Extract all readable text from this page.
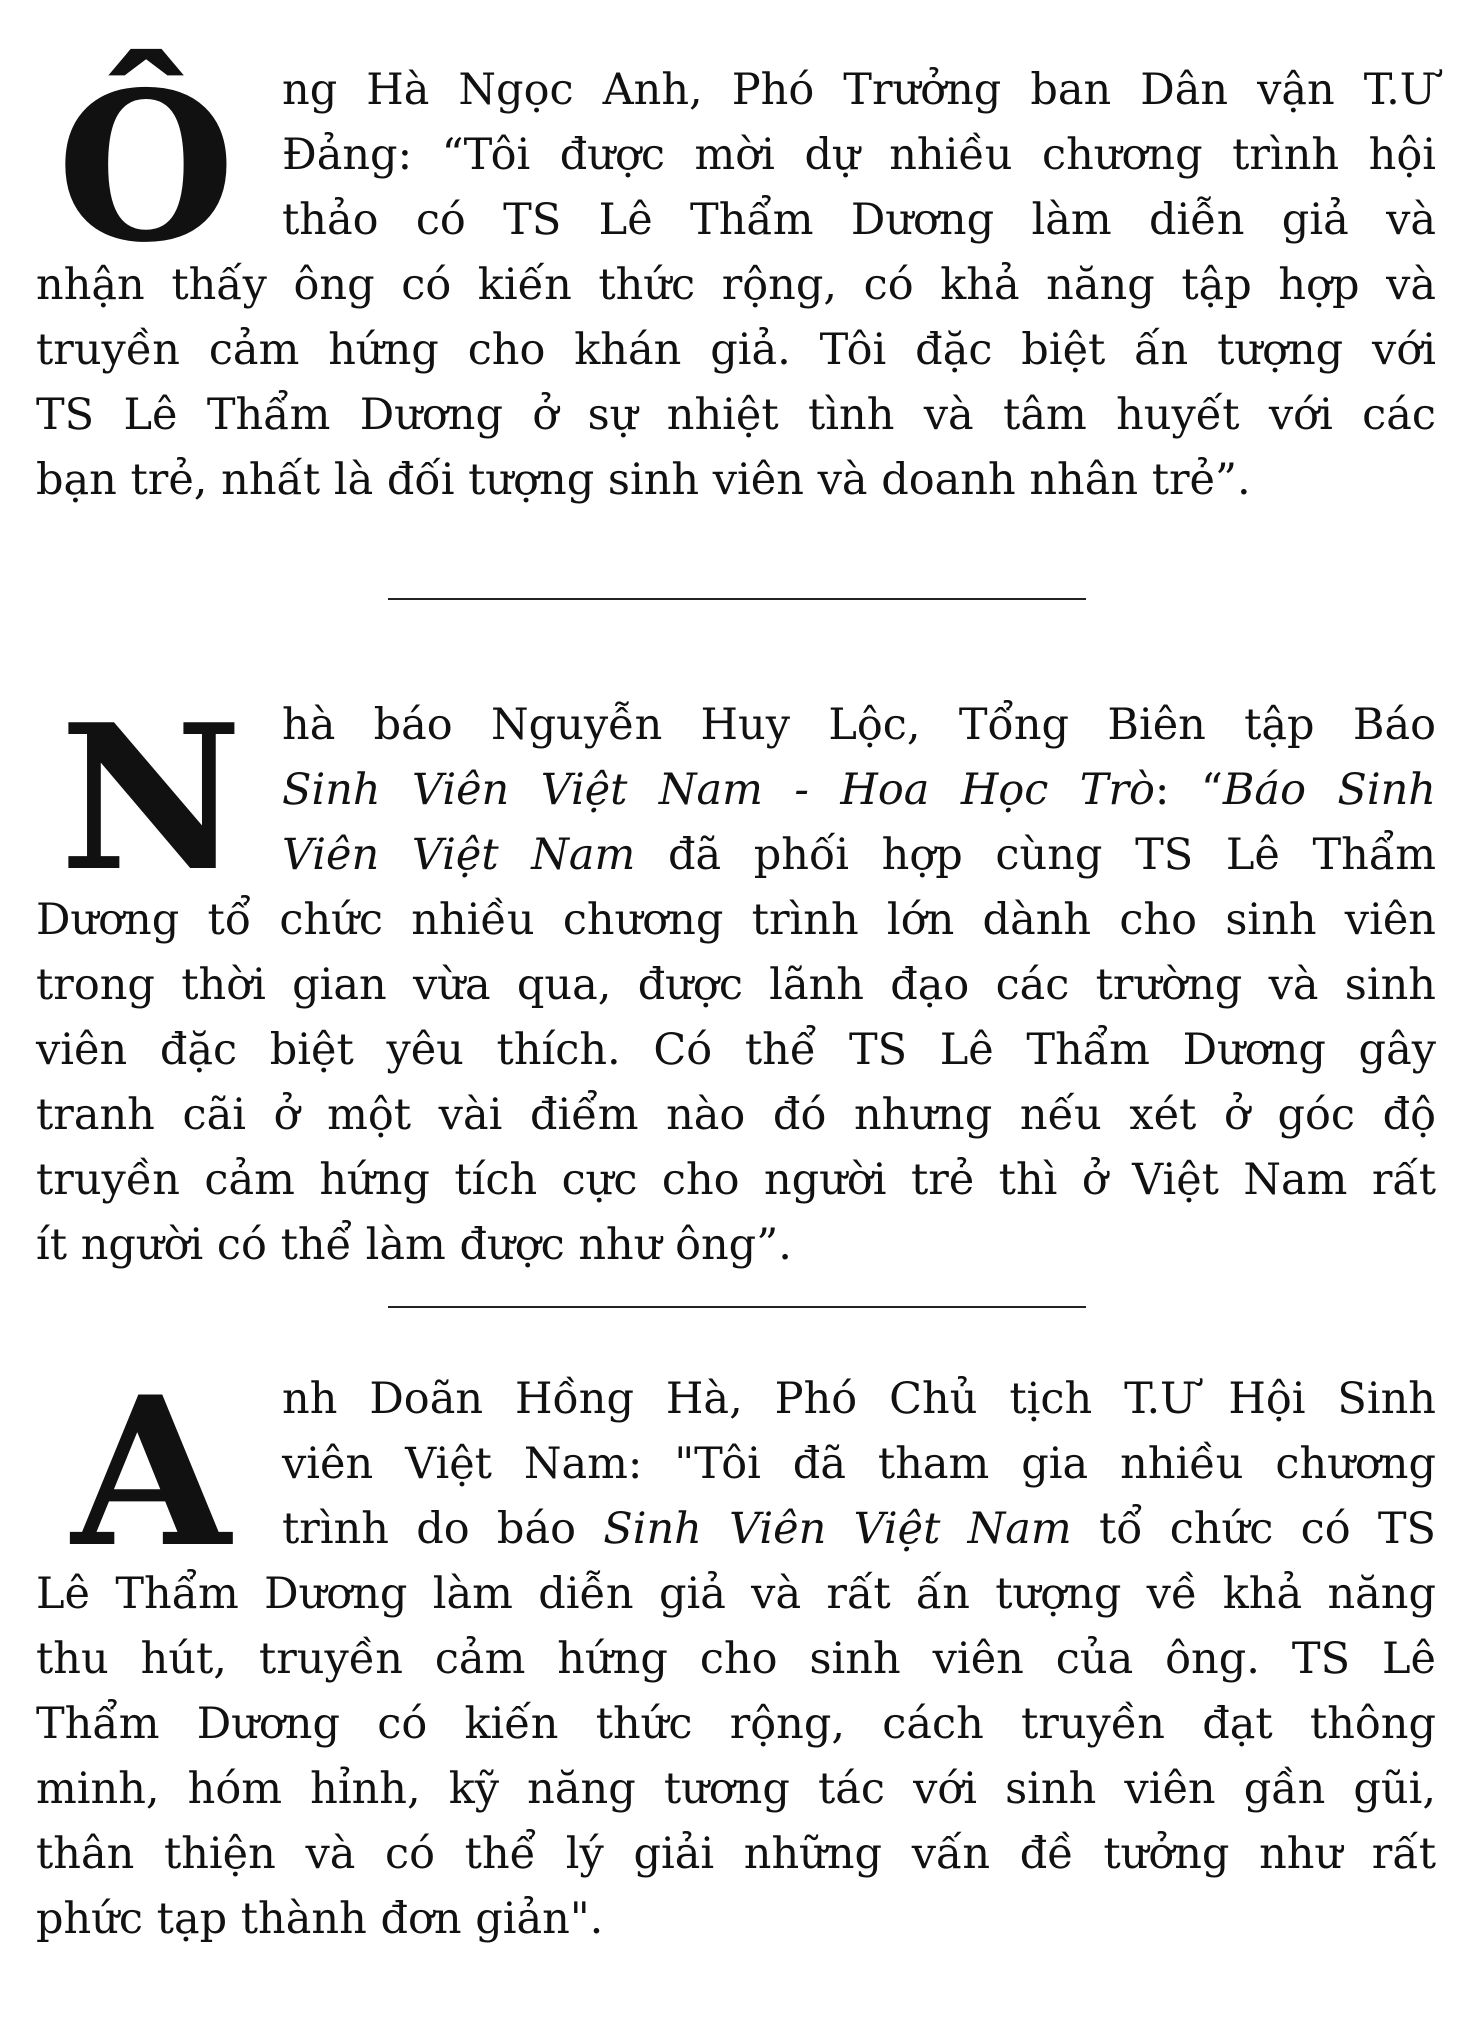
Ô	ng Hà Ngọc Anh, Phó Trưởng ban Dân vận T.Ư
Đảng: “Tôi được mời dự nhiều chương trình hội
thảo có TS Lê Thẩm Dương làm diễn giả và
nhận thấy ông có kiến thức rộng, có khả năng tập hợp và
truyền cảm hứng cho khán giả. Tôi đặc biệt ấn tượng với
TS Lê Thẩm Dương ở sự nhiệt tình và tâm huyết với các
bạn trẻ, nhất là đối tượng sinh viên và doanh nhân trẻ”.
N hà báo Nguyễn Huy Lộc, Tổng Biên tập Báo
Sinh Viên Việt Nam - Hoa Học Trò: “Báo Sinh
Viên Việt Nam đã phối hợp cùng TS Lê Thẩm
Dương tổ chức nhiều chương trình lớn dành cho sinh viên
trong thời gian vừa qua, được lãnh đạo các trường và sinh
viên đặc biệt yêu thích. Có thể TS Lê Thẩm Dương gây
tranh cãi ở một vài điểm nào đó nhưng nếu xét ở góc độ
truyền cảm hứng tích cực cho người trẻ thì ở Việt Nam rất
ít người có thể làm được như ông”.
A	nh Doãn Hồng Hà, Phó Chủ tịch T.Ư Hội Sinh
viên Việt Nam: "Tôi đã tham gia nhiều chương
trình do báo Sinh Viên Việt Nam tổ chức có TS
Lê Thẩm Dương làm diễn giả và rất ấn tượng về khả năng
thu hút, truyền cảm hứng cho sinh viên của ông. TS Lê
Thẩm Dương có kiến thức rộng, cách truyền đạt thông
minh, hóm hỉnh, kỹ năng tương tác với sinh viên gần gũi,
thân thiện và có thể lý giải những vấn đề tưởng như rất
phức tạp thành đơn giản".
